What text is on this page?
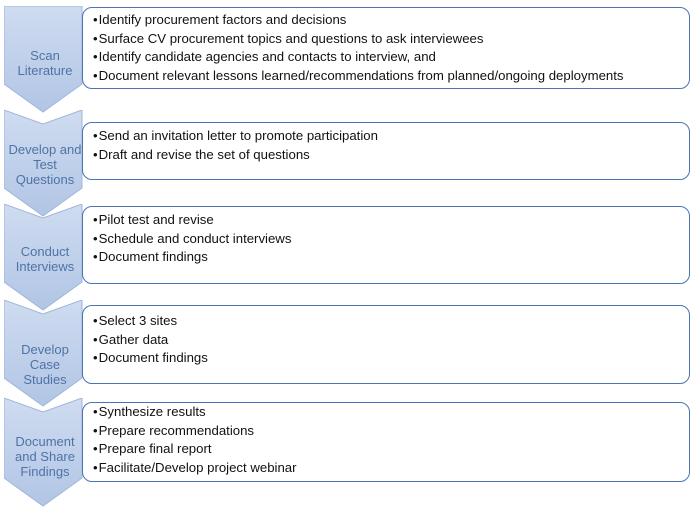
Scan
Literature
• Identify procurement factors and decisions
• Surface CV procurement topics and questions to ask interviewees
• Identify candidate agencies and contacts to interview, and
• Document relevant lessons learned/recommendations from planned/ongoing deployments
Develop and
Test
Questions
• Send an invitation letter to promote participation
• Draft and revise the set of questions
Conduct
Interviews
• Pilot test and revise
• Schedule and conduct interviews
• Document findings
Develop
Case Studies
• Select 3 sites
• Gather data
• Document findings
Document
and Share
Findings
• Synthesize results
• Prepare recommendations
• Prepare final report
• Facilitate/Develop project webinar
